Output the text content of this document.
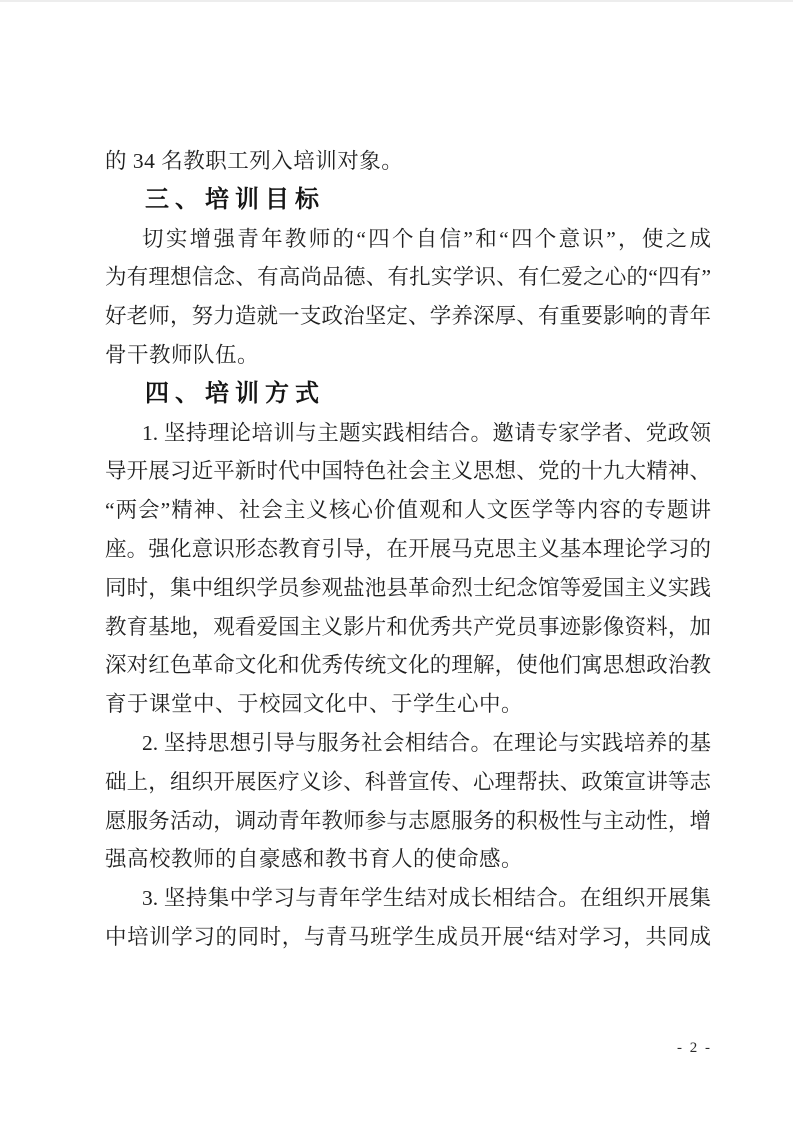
的 34 名教职工列入培训对象。
三、培训目标
切实增强青年教师的“四个自信”和“四个意识”，使之成
为有理想信念、有高尚品德、有扎实学识、有仁爱之心的“四有”
好老师，努力造就一支政治坚定、学养深厚、有重要影响的青年
骨干教师队伍。
四、培训方式
1. 坚持理论培训与主题实践相结合。邀请专家学者、党政领
导开展习近平新时代中国特色社会主义思想、党的十九大精神、
“两会”精神、社会主义核心价值观和人文医学等内容的专题讲
座。强化意识形态教育引导，在开展马克思主义基本理论学习的
同时，集中组织学员参观盐池县革命烈士纪念馆等爱国主义实践
教育基地，观看爱国主义影片和优秀共产党员事迹影像资料，加
深对红色革命文化和优秀传统文化的理解，使他们寓思想政治教
育于课堂中、于校园文化中、于学生心中。
2. 坚持思想引导与服务社会相结合。在理论与实践培养的基
础上，组织开展医疗义诊、科普宣传、心理帮扶、政策宣讲等志
愿服务活动，调动青年教师参与志愿服务的积极性与主动性，增
强高校教师的自豪感和教书育人的使命感。
3. 坚持集中学习与青年学生结对成长相结合。在组织开展集
中培训学习的同时，与青马班学生成员开展“结对学习，共同成
- 2 -
